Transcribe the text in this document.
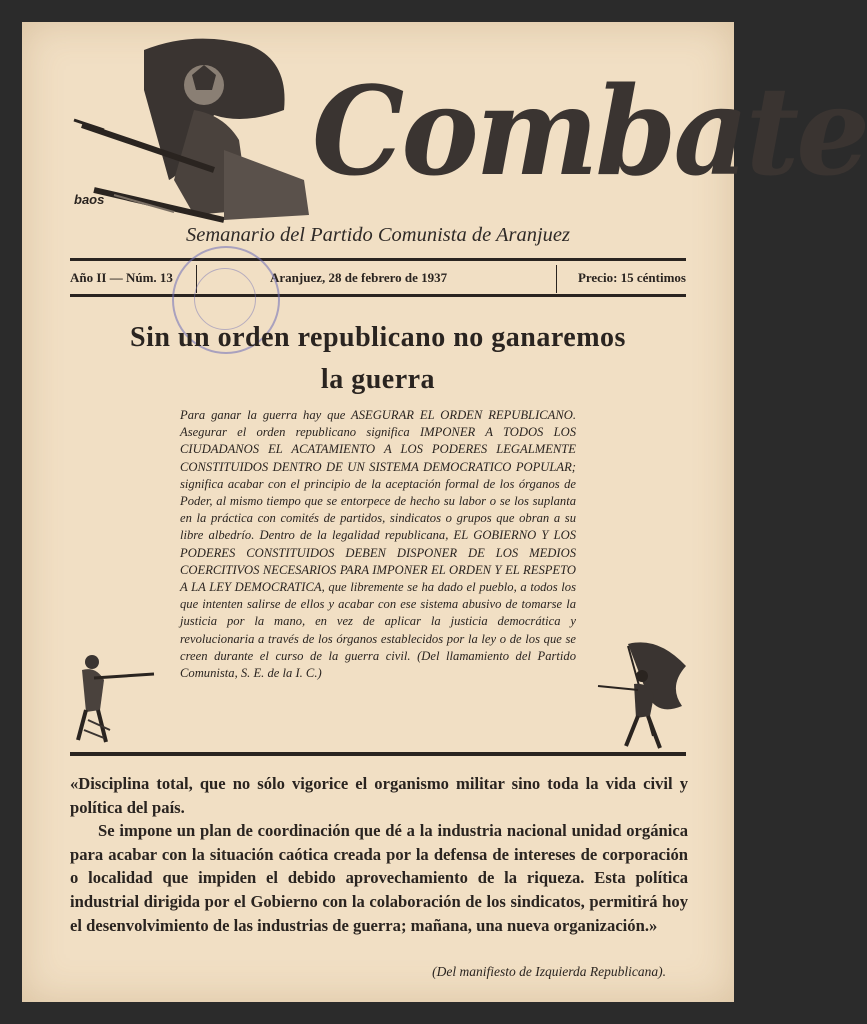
Combate
baos
Semanario del Partido Comunista de Aranjuez
Año II — Núm. 13	Aranjuez, 28 de febrero de 1937	Precio: 15 céntimos
Sin un orden republicano no ganaremos
la guerra
Para ganar la guerra hay que ASEGURAR EL ORDEN REPUBLICANO. Asegurar el orden republicano significa IMPONER A TODOS LOS CIUDADANOS EL ACATAMIENTO A LOS PODERES LEGALMENTE CONSTITUIDOS DENTRO DE UN SISTEMA DEMOCRATICO POPULAR; significa acabar con el principio de la aceptación formal de los órganos de Poder, al mismo tiempo que se entorpece de hecho su labor o se los suplanta en la práctica con comités de partidos, sindicatos o grupos que obran a su libre albedrío. Dentro de la legalidad republicana, EL GOBIERNO Y LOS PODERES CONSTITUIDOS DEBEN DISPONER DE LOS MEDIOS COERCITIVOS NECESARIOS PARA IMPONER EL ORDEN Y EL RESPETO A LA LEY DEMOCRATICA, que libremente se ha dado el pueblo, a todos los que intenten salirse de ellos y acabar con ese sistema abusivo de tomarse la justicia por la mano, en vez de aplicar la justicia democrática y revolucionaria a través de los órganos establecidos por la ley o de los que se creen durante el curso de la guerra civil. (Del llamamiento del Partido Comunista, S. E. de la I. C.)

«Disciplina total, que no sólo vigorice el organismo militar sino toda la vida civil y política del país.

Se impone un plan de coordinación que dé a la industria nacional unidad orgánica para acabar con la situación caótica creada por la defensa de intereses de corporación o localidad que impiden el debido aprovechamiento de la riqueza. Esta política industrial dirigida por el Gobierno con la colaboración de los sindicatos, permitirá hoy el desenvolvimiento de las industrias de guerra; mañana, una nueva organización.»

(Del manifiesto de Izquierda Republicana).
